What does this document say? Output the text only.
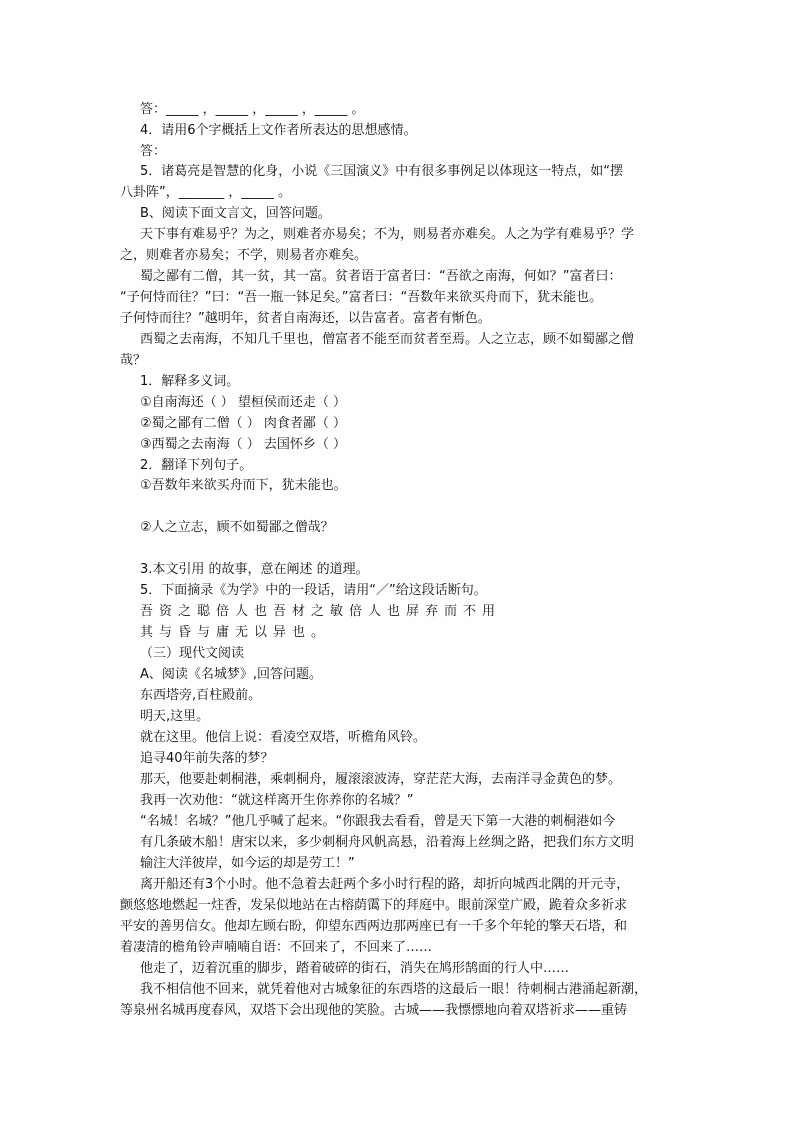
答：_____ ，_____ ，_____ ，_____ 。
4．请用6个字概括上文作者所表达的思想感情。
答：
5．诸葛亮是智慧的化身，小说《三国演义》中有很多事例足以体现这一特点，如“摆
八卦阵”，_______ ，_____ 。
B、阅读下面文言文，回答问题。
天下事有难易乎？为之，则难者亦易矣；不为，则易者亦难矣。人之为学有难易乎？学
之，则难者亦易矣；不学，则易者亦难矣。
蜀之鄙有二僧，其一贫，其一富。贫者语于富者曰：“吾欲之南海，何如？”富者曰：
“子何恃而往？”曰：“吾一瓶一钵足矣。”富者曰：“吾数年来欲买舟而下，犹未能也。
子何恃而往？”越明年，贫者自南海还，以告富者。富者有惭色。
西蜀之去南海，不知几千里也，僧富者不能至而贫者至焉。人之立志，顾不如蜀鄙之僧
哉？
1．解释多义词。
①自南海还（ ） 望桓侯而还走（ ）
②蜀之鄙有二僧（ ） 肉食者鄙（ ）
③西蜀之去南海（ ） 去国怀乡（ ）
2．翻译下列句子。
①吾数年来欲买舟而下，犹未能也。
②人之立志，顾不如蜀鄙之僧哉？
3.本文引用 的故事，意在阐述 的道理。
5．下面摘录《为学》中的一段话，请用“／”给这段话断句。
吾资之聪倍人也吾材之敏倍人也屏弃而不用
其与昏与庸无以异也。
（三）现代文阅读
A、阅读《名城梦》,回答问题。
东西塔旁,百柱殿前。
明天,这里。
就在这里。他信上说：看凌空双塔，听檐角风铃。
追寻40年前失落的梦？
那天，他要赴刺桐港，乘刺桐舟，履滚滚波涛，穿茫茫大海，去南洋寻金黄色的梦。
我再一次劝他：“就这样离开生你养你的名城？”
“名城！名城？”他几乎喊了起来。“你跟我去看看，曾是天下第一大港的刺桐港如今
有几条破木船！唐宋以来，多少刺桐舟风帆高悬，沿着海上丝绸之路，把我们东方文明
输注大洋彼岸，如今运的却是劳工！”
离开船还有3个小时。他不急着去赶两个多小时行程的路，却折向城西北隅的开元寺，
颤悠悠地燃起一炷香，发呆似地站在古榕荫霭下的拜庭中。眼前深堂广殿，跪着众多祈求
平安的善男信女。他却左顾右盼，仰望东西两边那两座已有一千多个年轮的擎天石塔，和
着凄清的檐角铃声喃喃自语：不回来了，不回来了……
他走了，迈着沉重的脚步，踏着破碎的街石，消失在鸠形鹄面的行人中……
我不相信他不回来，就凭着他对古城象征的东西塔的这最后一眼！待刺桐古港涌起新潮，
等泉州名城再度春风，双塔下会出现他的笑脸。古城——我慓慓地向着双塔祈求——重铸
